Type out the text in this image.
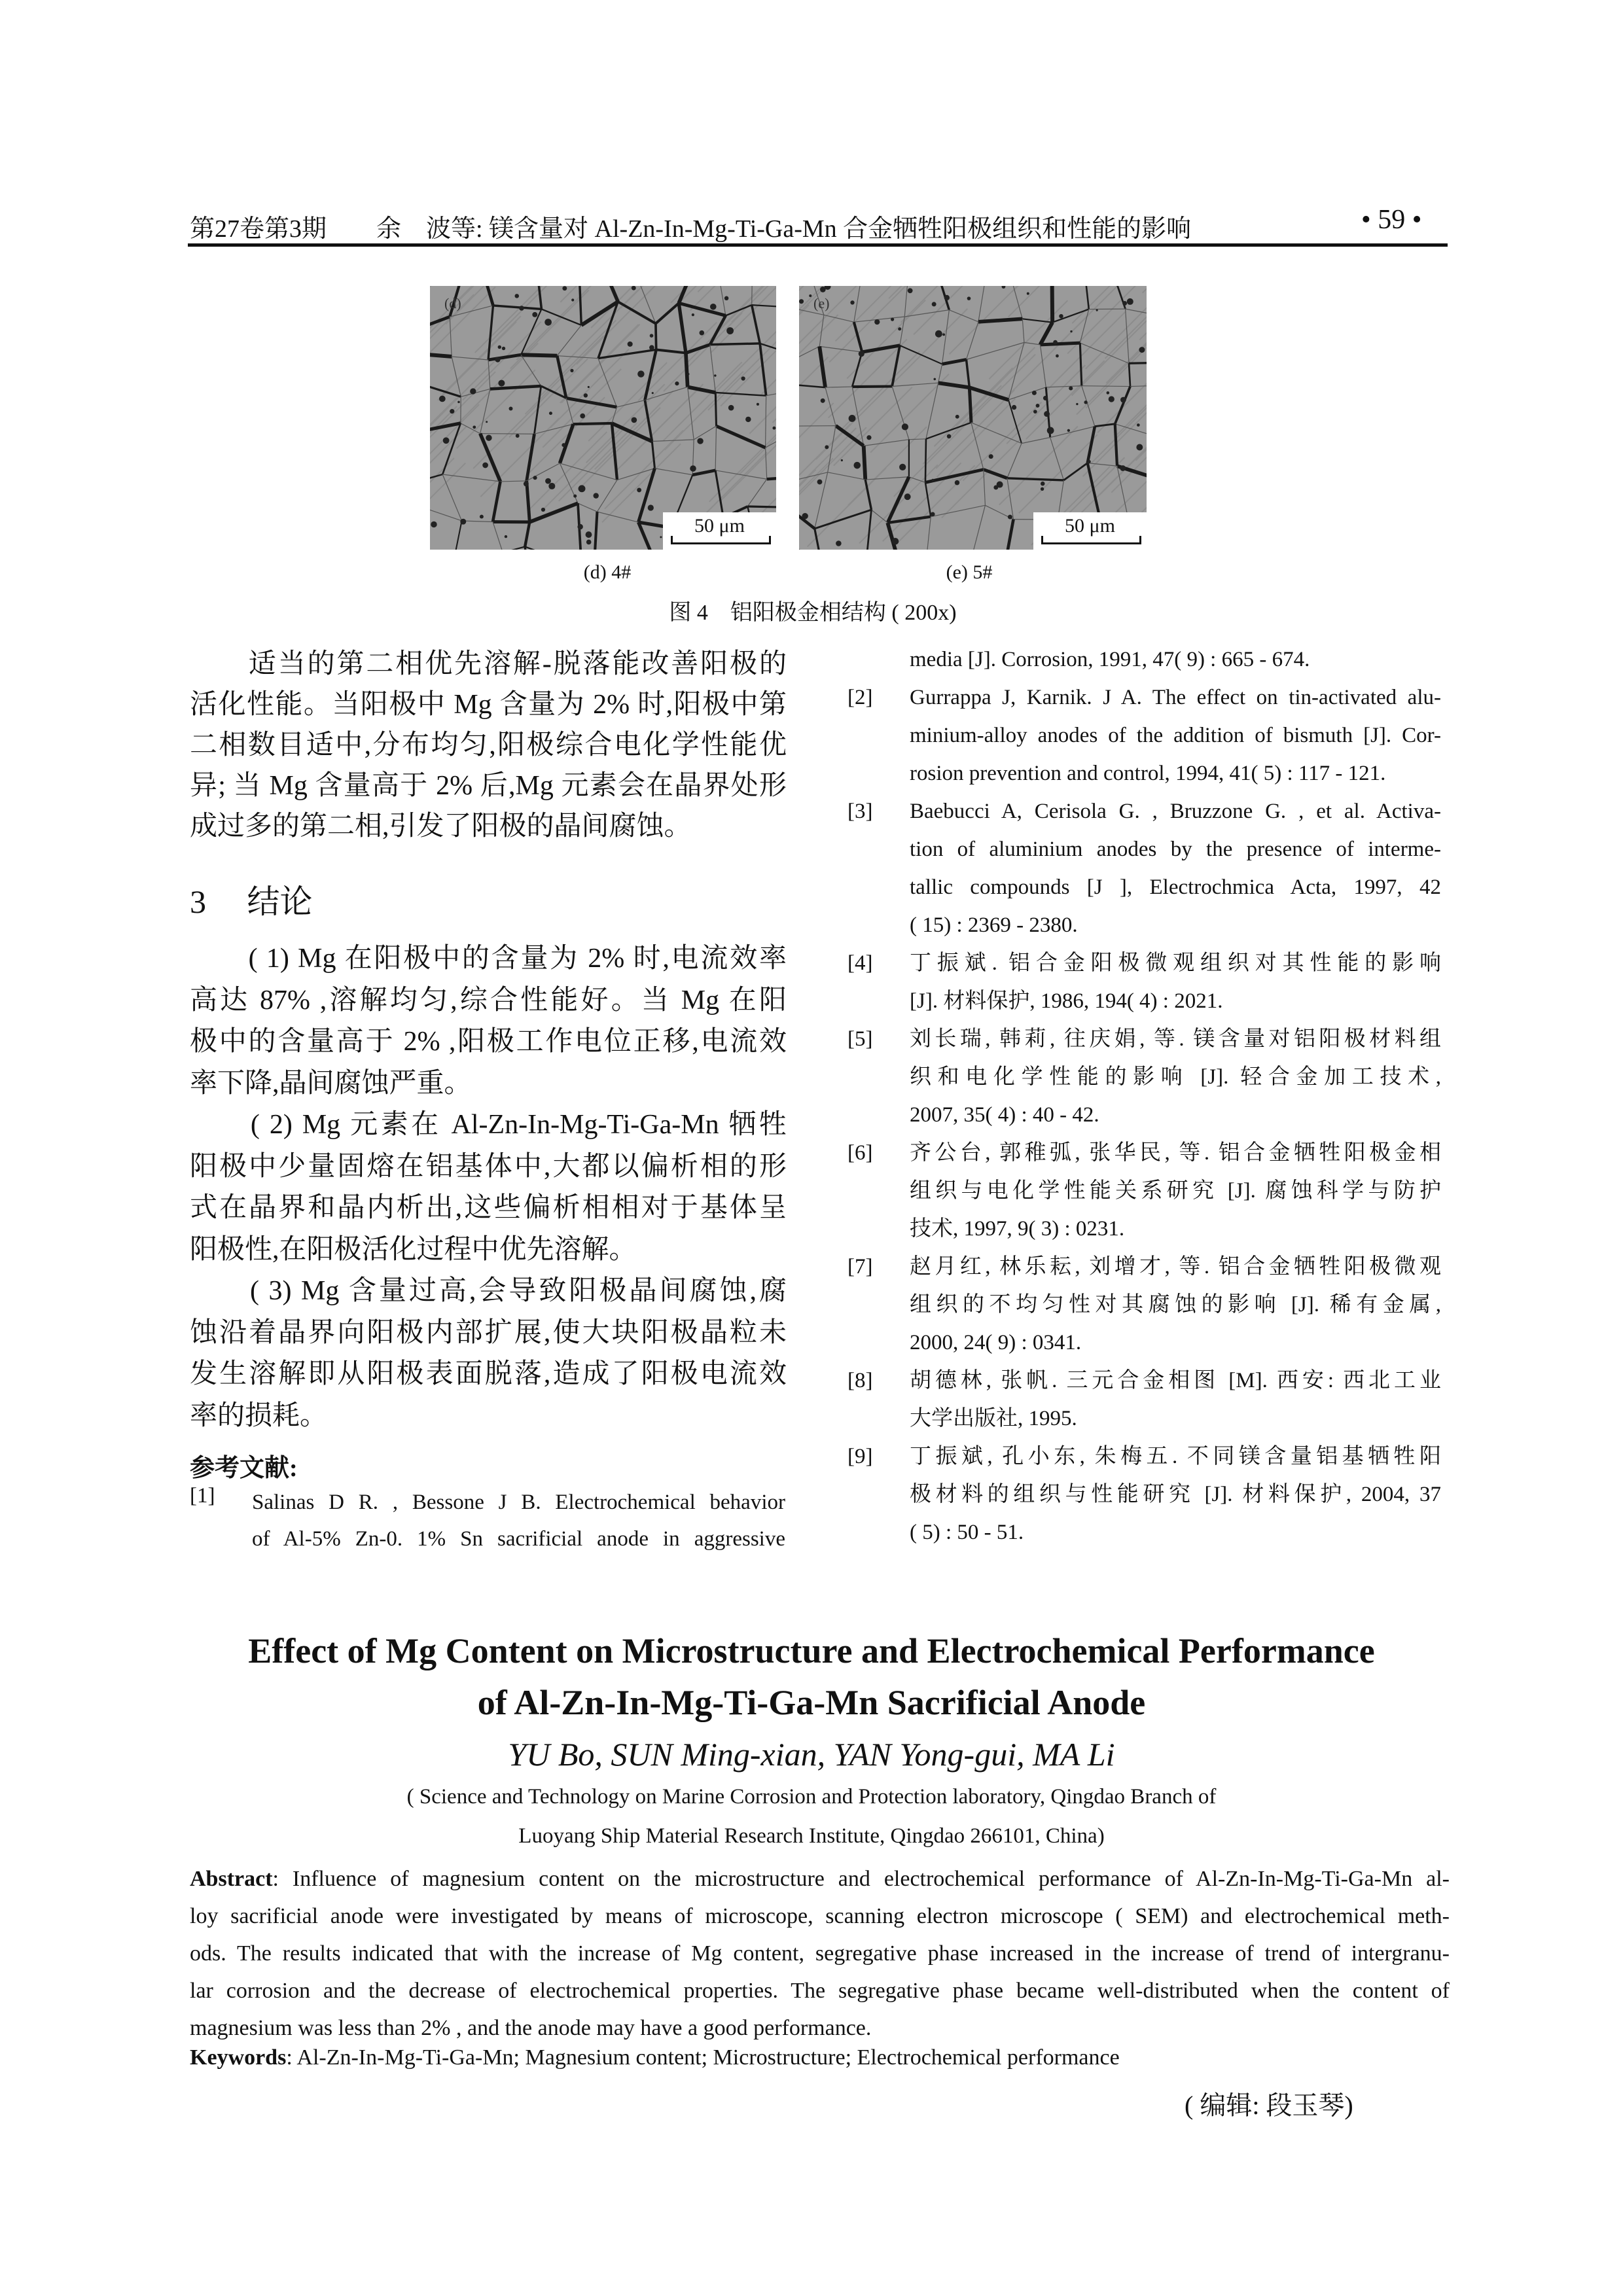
第27卷第3期　　余　波等: 镁含量对 Al-Zn-In-Mg-Ti-Ga-Mn 合金牺牲阳极组织和性能的影响	• 59 •
(d)
50 μm
(e)
50 μm
(d) 4#	(e) 5#
图 4　铝阳极金相结构 ( 200x)
　　适当的第二相优先溶解-脱落能改善阳极的
活化性能。当阳极中 Mg 含量为 2% 时,阳极中第
二相数目适中,分布均匀,阳极综合电化学性能优
异; 当 Mg 含量高于 2% 后,Mg 元素会在晶界处形
成过多的第二相,引发了阳极的晶间腐蚀。
3　 结论
　　( 1) Mg 在阳极中的含量为 2% 时,电流效率
高达 87% ,溶解均匀,综合性能好。当 Mg 在阳
极中的含量高于 2% ,阳极工作电位正移,电流效
率下降,晶间腐蚀严重。
　　( 2) Mg 元素在 Al-Zn-In-Mg-Ti-Ga-Mn 牺牲
阳极中少量固熔在铝基体中,大都以偏析相的形
式在晶界和晶内析出,这些偏析相相对于基体呈
阳极性,在阳极活化过程中优先溶解。
　　( 3) Mg 含量过高,会导致阳极晶间腐蚀,腐
蚀沿着晶界向阳极内部扩展,使大块阳极晶粒未
发生溶解即从阳极表面脱落,造成了阳极电流效
率的损耗。
参考文献:
[1] Salinas D R. , Bessone J B. Electrochemical behavior
of Al-5% Zn-0. 1% Sn sacrificial anode in aggressive
media [J]. Corrosion, 1991, 47( 9) : 665 - 674.
[2] Gurrappa J, Karnik. J A. The effect on tin-activated alu-
minium-alloy anodes of the addition of bismuth [J]. Cor-
rosion prevention and control, 1994, 41( 5) : 117 - 121.
[3] Baebucci A, Cerisola G. , Bruzzone G. , et al. Activa-
tion of aluminium anodes by the presence of interme-
tallic compounds [J ], Electrochmica Acta, 1997, 42
( 15) : 2369 - 2380.
[4] 丁振斌. 铝合金阳极微观组织对其性能的影响
[J]. 材料保护, 1986, 194( 4) : 2021.
[5] 刘长瑞, 韩莉, 往庆娟, 等. 镁含量对铝阳极材料组
织和电化学性能的影响 [J]. 轻合金加工技术,
2007, 35( 4) : 40 - 42.
[6] 齐公台, 郭稚弧, 张华民, 等. 铝合金牺牲阳极金相
组织与电化学性能关系研究 [J]. 腐蚀科学与防护
技术, 1997, 9( 3) : 0231.
[7] 赵月红, 林乐耘, 刘增才, 等. 铝合金牺牲阳极微观
组织的不均匀性对其腐蚀的影响 [J]. 稀有金属,
2000, 24( 9) : 0341.
[8] 胡德林, 张帆. 三元合金相图 [M]. 西安: 西北工业
大学出版社, 1995.
[9] 丁振斌, 孔小东, 朱梅五. 不同镁含量铝基牺牲阳
极材料的组织与性能研究 [J]. 材料保护, 2004, 37
( 5) : 50 - 51.
Effect of Mg Content on Microstructure and Electrochemical Performance
of Al-Zn-In-Mg-Ti-Ga-Mn Sacrificial Anode
YU Bo, SUN Ming-xian, YAN Yong-gui, MA Li
( Science and Technology on Marine Corrosion and Protection laboratory, Qingdao Branch of
Luoyang Ship Material Research Institute, Qingdao 266101, China)
Abstract: Influence of magnesium content on the microstructure and electrochemical performance of Al-Zn-In-Mg-Ti-Ga-Mn al-
loy sacrificial anode were investigated by means of microscope, scanning electron microscope ( SEM) and electrochemical meth-
ods. The results indicated that with the increase of Mg content, segregative phase increased in the increase of trend of intergranu-
lar corrosion and the decrease of electrochemical properties. The segregative phase became well-distributed when the content of
magnesium was less than 2% , and the anode may have a good performance.
Keywords: Al-Zn-In-Mg-Ti-Ga-Mn; Magnesium content; Microstructure; Electrochemical performance
( 编辑: 段玉琴)
